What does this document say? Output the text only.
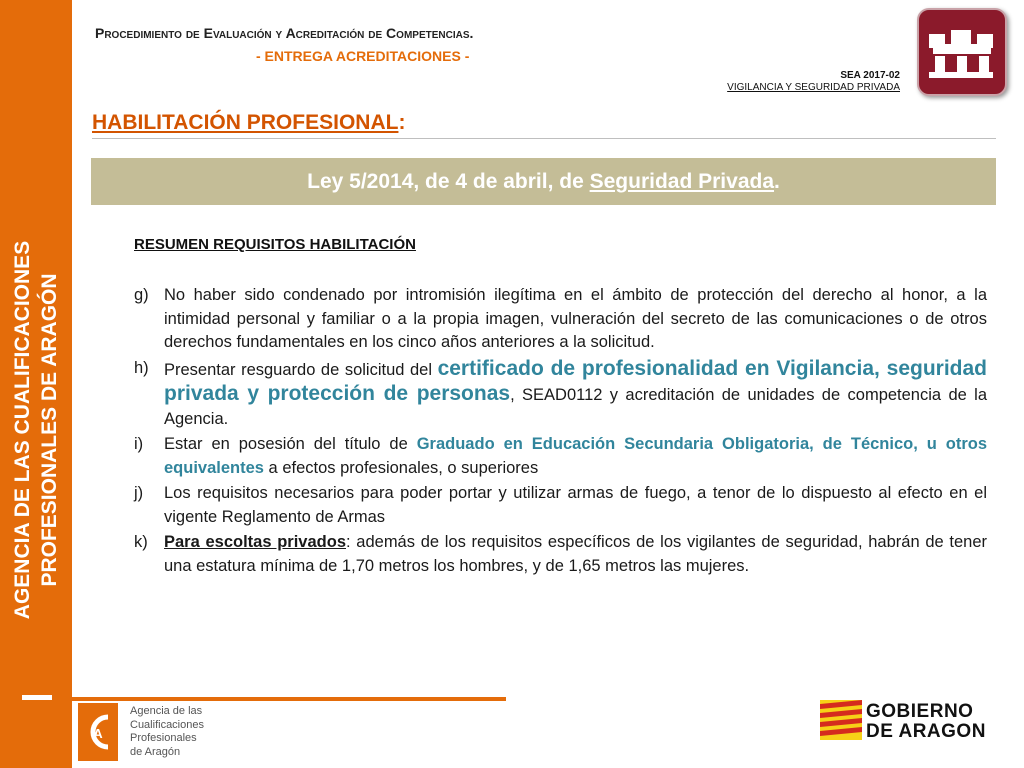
AGENCIA DE LAS CUALIFICACIONES PROFESIONALES DE ARAGÓN
Procedimiento de Evaluación y Acreditación de Competencias.
- ENTREGA ACREDITACIONES -
SEA 2017-02
VIGILANCIA Y SEGURIDAD PRIVADA
HABILITACIÓN PROFESIONAL:
Ley 5/2014, de 4 de abril, de Seguridad Privada.
RESUMEN REQUISITOS HABILITACIÓN
g) No haber sido condenado por intromisión ilegítima en el ámbito de protección del derecho al honor, a la intimidad personal y familiar o a la propia imagen, vulneración del secreto de las comunicaciones o de otros derechos fundamentales en los cinco años anteriores a la solicitud.
h) Presentar resguardo de solicitud del certificado de profesionalidad en Vigilancia, seguridad privada y protección de personas, SEAD0112 y acreditación de unidades de competencia de la Agencia.
i)	Estar en posesión del título de Graduado en Educación Secundaria Obligatoria, de Técnico, u otros equivalentes a efectos profesionales, o superiores
j)	Los requisitos necesarios para poder portar y utilizar armas de fuego, a tenor de lo dispuesto al efecto en el vigente Reglamento de Armas
k) Para escoltas privados: además de los requisitos específicos de los vigilantes de seguridad, habrán de tener una estatura mínima de 1,70 metros los hombres, y de 1,65 metros las mujeres.
A
Agencia de las
Cualificaciones
Profesionales
de Aragón
GOBIERNO
DE ARAGON
